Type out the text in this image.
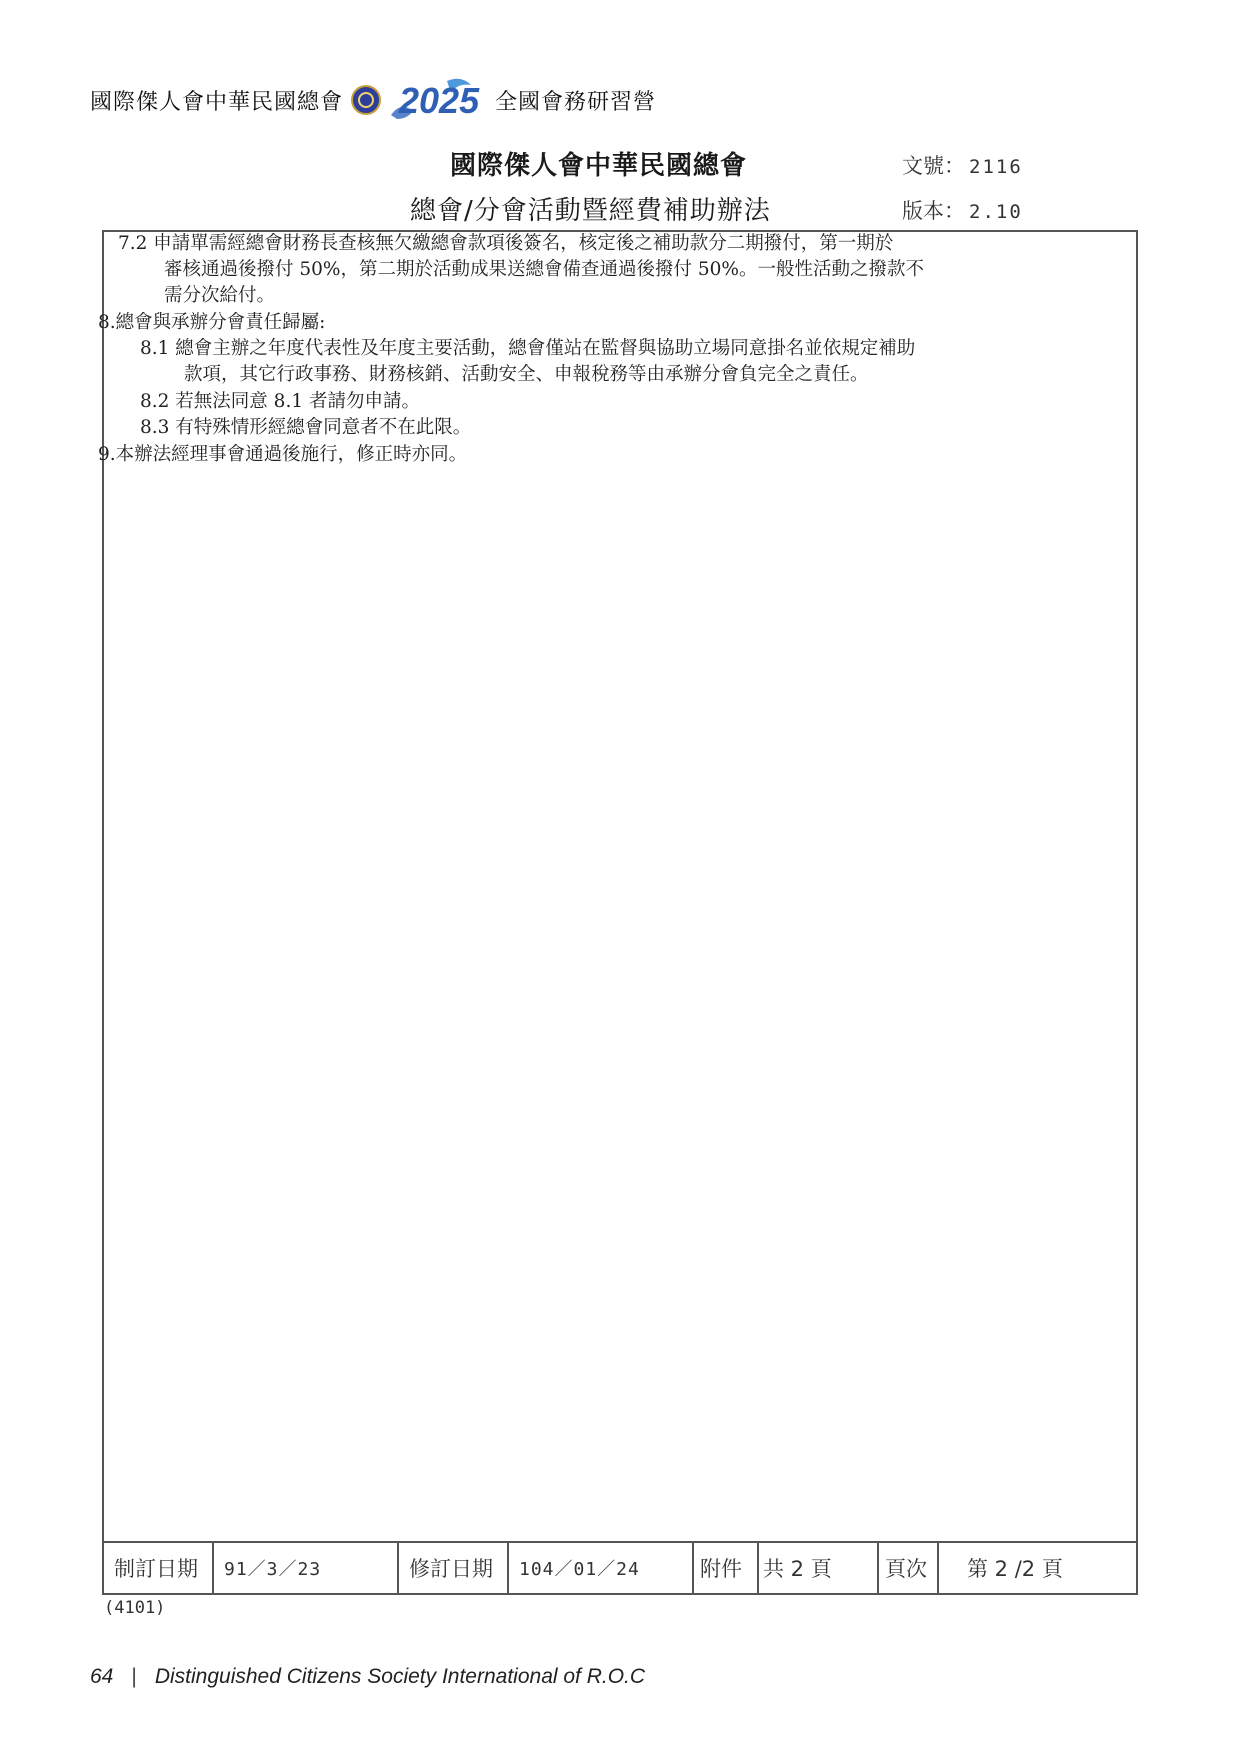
國際傑人會中華民國總會 2025 全國會務研習營
國際傑人會中華民國總會	文號： 2116
總會/分會活動暨經費補助辦法	版本： 2.10
7.2 申請單需經總會財務長查核無欠繳總會款項後簽名，核定後之補助款分二期撥付，第一期於
審核通過後撥付 50%，第二期於活動成果送總會備查通過後撥付 50%。一般性活動之撥款不
需分次給付。
8.總會與承辦分會責任歸屬:
8.1 總會主辦之年度代表性及年度主要活動，總會僅站在監督與協助立場同意掛名並依規定補助
款項，其它行政事務、財務核銷、活動安全、申報稅務等由承辦分會負完全之責任。
8.2 若無法同意 8.1 者請勿申請。
8.3 有特殊情形經總會同意者不在此限。
9.本辦法經理事會通過後施行，修正時亦同。
制訂日期	91／3／23	修訂日期	104／01／24	附件	共 2 頁	頁次	第 2 /2 頁
(4101)
64 | Distinguished Citizens Society International of R.O.C
